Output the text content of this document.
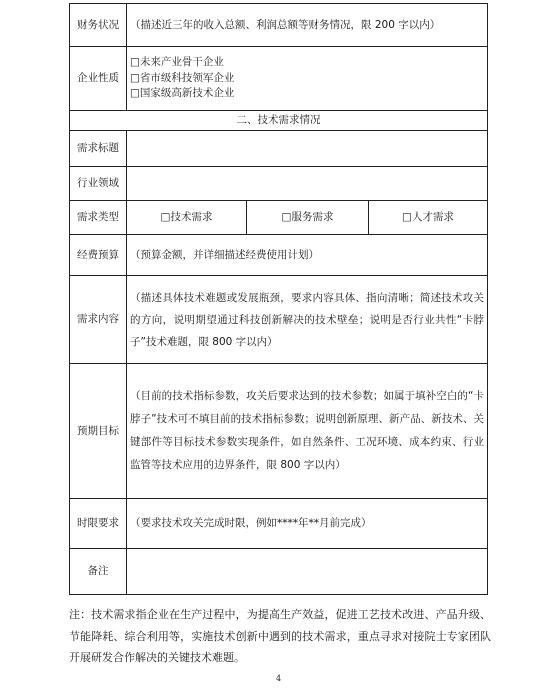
财务状况	（描述近三年的收入总额、利润总额等财务情况，限 200 字以内）		
企业性质	□未来产业骨干企业
□省市级科技领军企业
□国家级高新技术企业		

二、技术需求情况			
需求标题			
行业领域			
需求类型	□技术需求	□服务需求	□人才需求
经费预算	（预算金额，并详细描述经费使用计划）		
需求内容	（描述具体技术难题或发展瓶颈，要求内容具体、指向清晰；简述技术攻关的方向，说明期望通过科技创新解决的技术壁垒；说明是否行业共性“卡脖子”技术难题，限 800 字以内）		
预期目标	（目前的技术指标参数，攻关后要求达到的技术参数；如属于填补空白的“卡脖子”技术可不填目前的技术指标参数；说明创新原理、新产品、新技术、关键部件等目标技术参数实现条件，如自然条件、工况环境、成本约束、行业监管等技术应用的边界条件，限 800 字以内）		
时限要求	（要求技术攻关完成时限，例如****年**月前完成）		
备注			
注：技术需求指企业在生产过程中，为提高生产效益，促进工艺技术改进、产品升级、节能降耗、综合利用等，实施技术创新中遇到的技术需求，重点寻求对接院士专家团队开展研发合作解决的关键技术难题。
4
